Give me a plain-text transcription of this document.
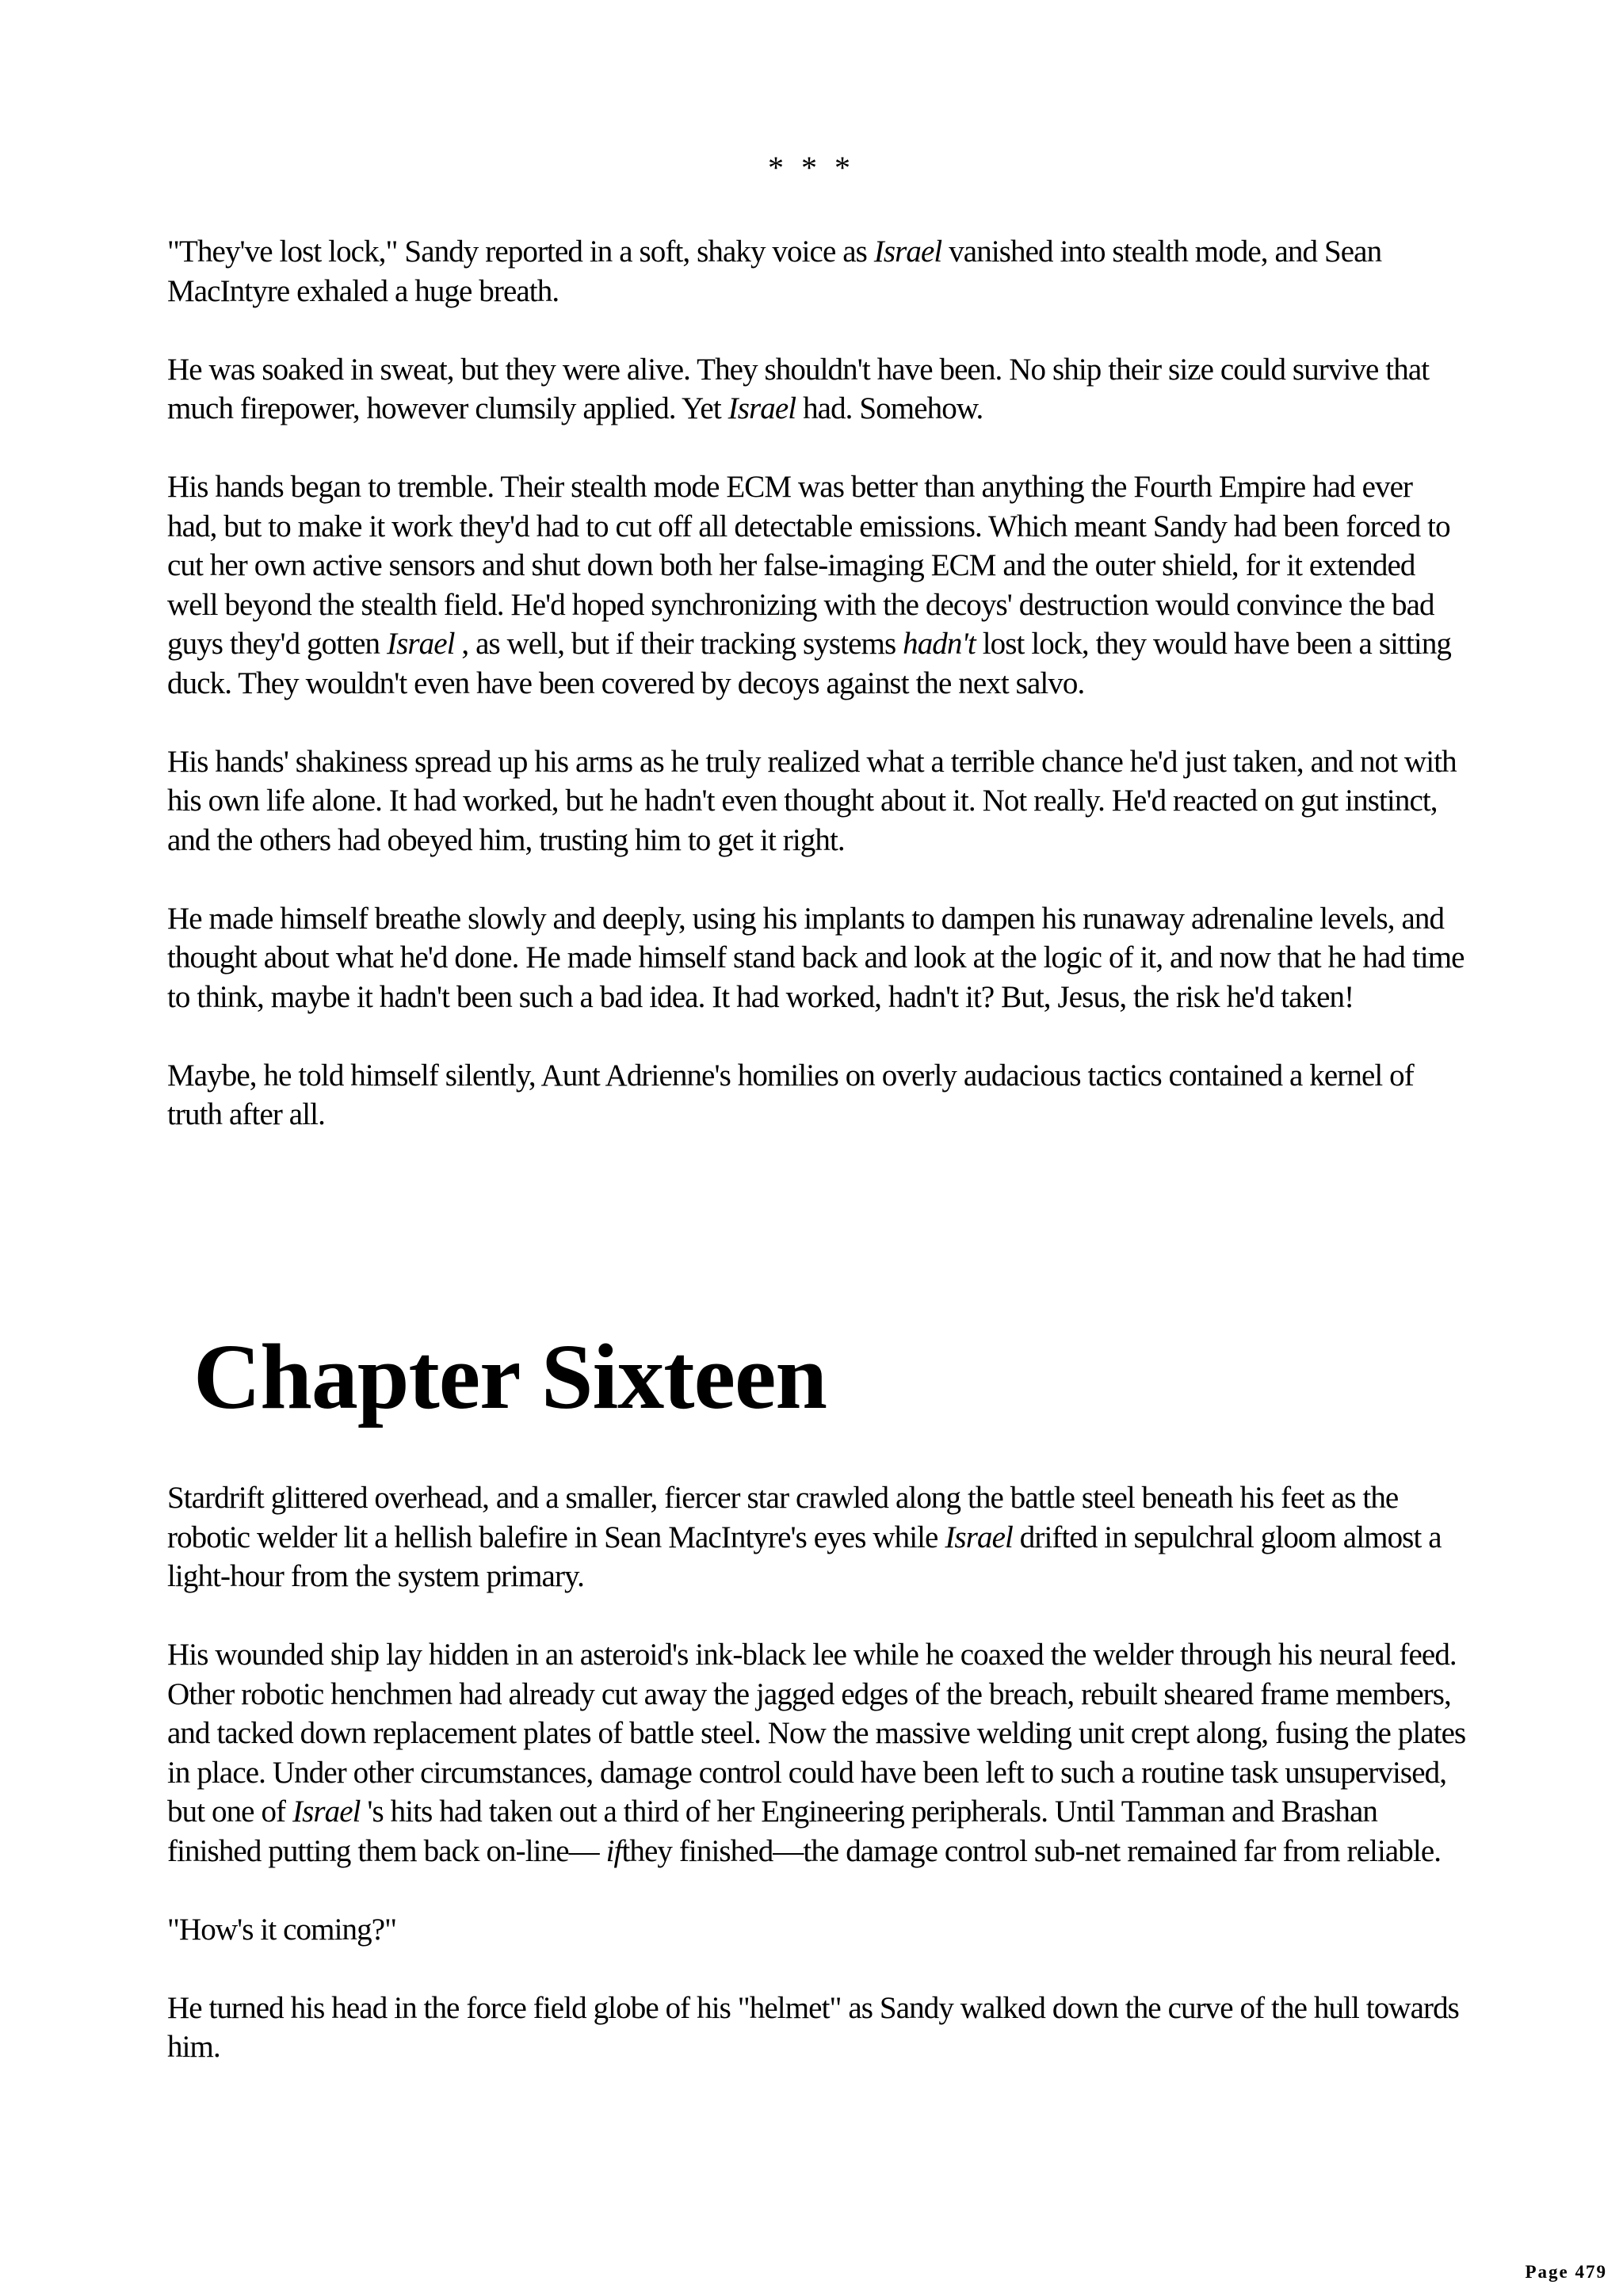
* * *

"They've lost lock," Sandy reported in a soft, shaky voice as Israel vanished into stealth mode, and Sean MacIntyre exhaled a huge breath.

He was soaked in sweat, but they were alive. They shouldn't have been. No ship their size could survive that much firepower, however clumsily applied. Yet Israel had. Somehow.

His hands began to tremble. Their stealth mode ECM was better than anything the Fourth Empire had ever had, but to make it work they'd had to cut off all detectable emissions. Which meant Sandy had been forced to cut her own active sensors and shut down both her false-imaging ECM and the outer shield, for it extended well beyond the stealth field. He'd hoped synchronizing with the decoys' destruction would convince the bad guys they'd gotten Israel , as well, but if their tracking systems hadn't lost lock, they would have been a sitting duck. They wouldn't even have been covered by decoys against the next salvo.

His hands' shakiness spread up his arms as he truly realized what a terrible chance he'd just taken, and not with his own life alone. It had worked, but he hadn't even thought about it. Not really. He'd reacted on gut instinct, and the others had obeyed him, trusting him to get it right.

He made himself breathe slowly and deeply, using his implants to dampen his runaway adrenaline levels, and thought about what he'd done. He made himself stand back and look at the logic of it, and now that he had time to think, maybe it hadn't been such a bad idea. It had worked, hadn't it? But, Jesus, the risk he'd taken!

Maybe, he told himself silently, Aunt Adrienne's homilies on overly audacious tactics contained a kernel of truth after all.

Chapter Sixteen

Stardrift glittered overhead, and a smaller, fiercer star crawled along the battle steel beneath his feet as the robotic welder lit a hellish balefire in Sean MacIntyre's eyes while Israel drifted in sepulchral gloom almost a light-hour from the system primary.

His wounded ship lay hidden in an asteroid's ink-black lee while he coaxed the welder through his neural feed. Other robotic henchmen had already cut away the jagged edges of the breach, rebuilt sheared frame members, and tacked down replacement plates of battle steel. Now the massive welding unit crept along, fusing the plates in place. Under other circumstances, damage control could have been left to such a routine task unsupervised, but one of Israel 's hits had taken out a third of her Engineering peripherals. Until Tamman and Brashan finished putting them back on-line— ifthey finished—the damage control sub-net remained far from reliable.

"How's it coming?"

He turned his head in the force field globe of his "helmet" as Sandy walked down the curve of the hull towards him.

Page 479
